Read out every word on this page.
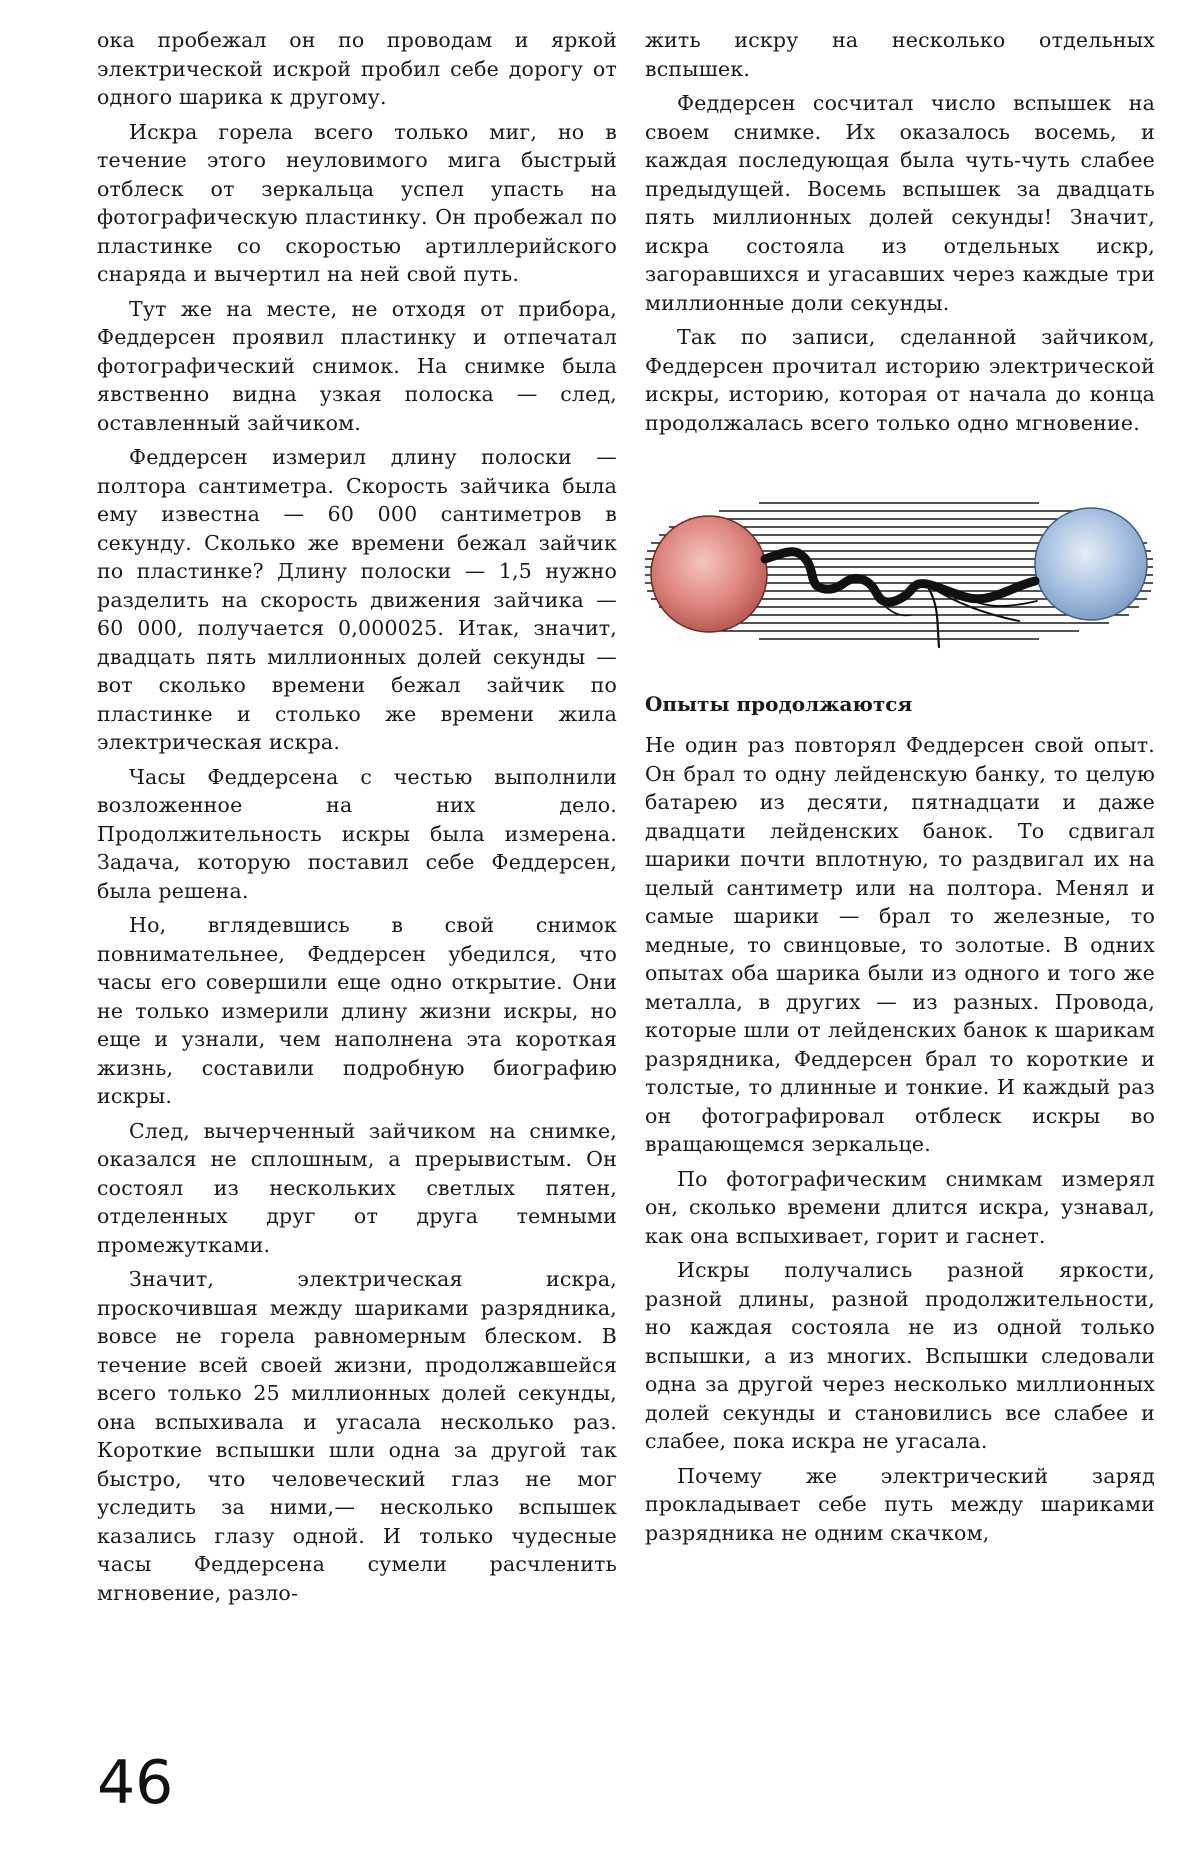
ока пробежал он по проводам и яркой электрической искрой пробил себе дорогу от одного шарика к другому.

Искра горела всего только миг, но в течение этого неуловимого мига быстрый отблеск от зеркальца успел упасть на фотографическую пластинку. Он пробежал по пластинке со скоростью артиллерийского снаряда и вычертил на ней свой путь.

Тут же на месте, не отходя от прибора, Феддерсен проявил пластинку и отпечатал фотографический снимок. На снимке была явственно видна узкая полоска — след, оставленный зайчиком.

Феддерсен измерил длину полоски — полтора сантиметра. Скорость зайчика была ему известна — 60 000 сантиметров в секунду. Сколько же времени бежал зайчик по пластинке? Длину полоски — 1,5 нужно разделить на скорость движения зайчика — 60 000, получается 0,000025. Итак, значит, двадцать пять миллионных долей секунды — вот сколько времени бежал зайчик по пластинке и столько же времени жила электрическая искра.

Часы Феддерсена с честью выполнили возложенное на них дело. Продолжительность искры была измерена. Задача, которую поставил себе Феддерсен, была решена.

Но, вглядевшись в свой снимок повнимательнее, Феддерсен убедился, что часы его совершили еще одно открытие. Они не только измерили длину жизни искры, но еще и узнали, чем наполнена эта короткая жизнь, составили подробную биографию искры.

След, вычерченный зайчиком на снимке, оказался не сплошным, а прерывистым. Он состоял из нескольких светлых пятен, отделенных друг от друга темными промежутками.

Значит, электрическая искра, проскочившая между шариками разрядника, вовсе не горела равномерным блеском. В течение всей своей жизни, продолжавшейся всего только 25 миллионных долей секунды, она вспыхивала и угасала несколько раз. Короткие вспышки шли одна за другой так быстро, что человеческий глаз не мог уследить за ними,— несколько вспышек казались глазу одной. И только чудесные часы Феддерсена сумели расчленить мгновение, разло-

жить искру на несколько отдельных вспышек.

Феддерсен сосчитал число вспышек на своем снимке. Их оказалось восемь, и каждая последующая была чуть-чуть слабее предыдущей. Восемь вспышек за двадцать пять миллионных долей секунды! Значит, искра состояла из отдельных искр, загоравшихся и угасавших через каждые три миллионные доли секунды.

Так по записи, сделанной зайчиком, Феддерсен прочитал историю электрической искры, историю, которая от начала до конца продолжалась всего только одно мгновение.

Опыты продолжаются

Не один раз повторял Феддерсен свой опыт. Он брал то одну лейденскую банку, то целую батарею из десяти, пятнадцати и даже двадцати лейденских банок. То сдвигал шарики почти вплотную, то раздвигал их на целый сантиметр или на полтора. Менял и самые шарики — брал то железные, то медные, то свинцовые, то золотые. В одних опытах оба шарика были из одного и того же металла, в других — из разных. Провода, которые шли от лейденских банок к шарикам разрядника, Феддерсен брал то короткие и толстые, то длинные и тонкие. И каждый раз он фотографировал отблеск искры во вращающемся зеркальце.

По фотографическим снимкам измерял он, сколько времени длится искра, узнавал, как она вспыхивает, горит и гаснет.

Искры получались разной яркости, разной длины, разной продолжительности, но каждая состояла не из одной только вспышки, а из многих. Вспышки следовали одна за другой через несколько миллионных долей секунды и становились все слабее и слабее, пока искра не угасала.

Почему же электрический заряд прокладывает себе путь между шариками разрядника не одним скачком,

46
